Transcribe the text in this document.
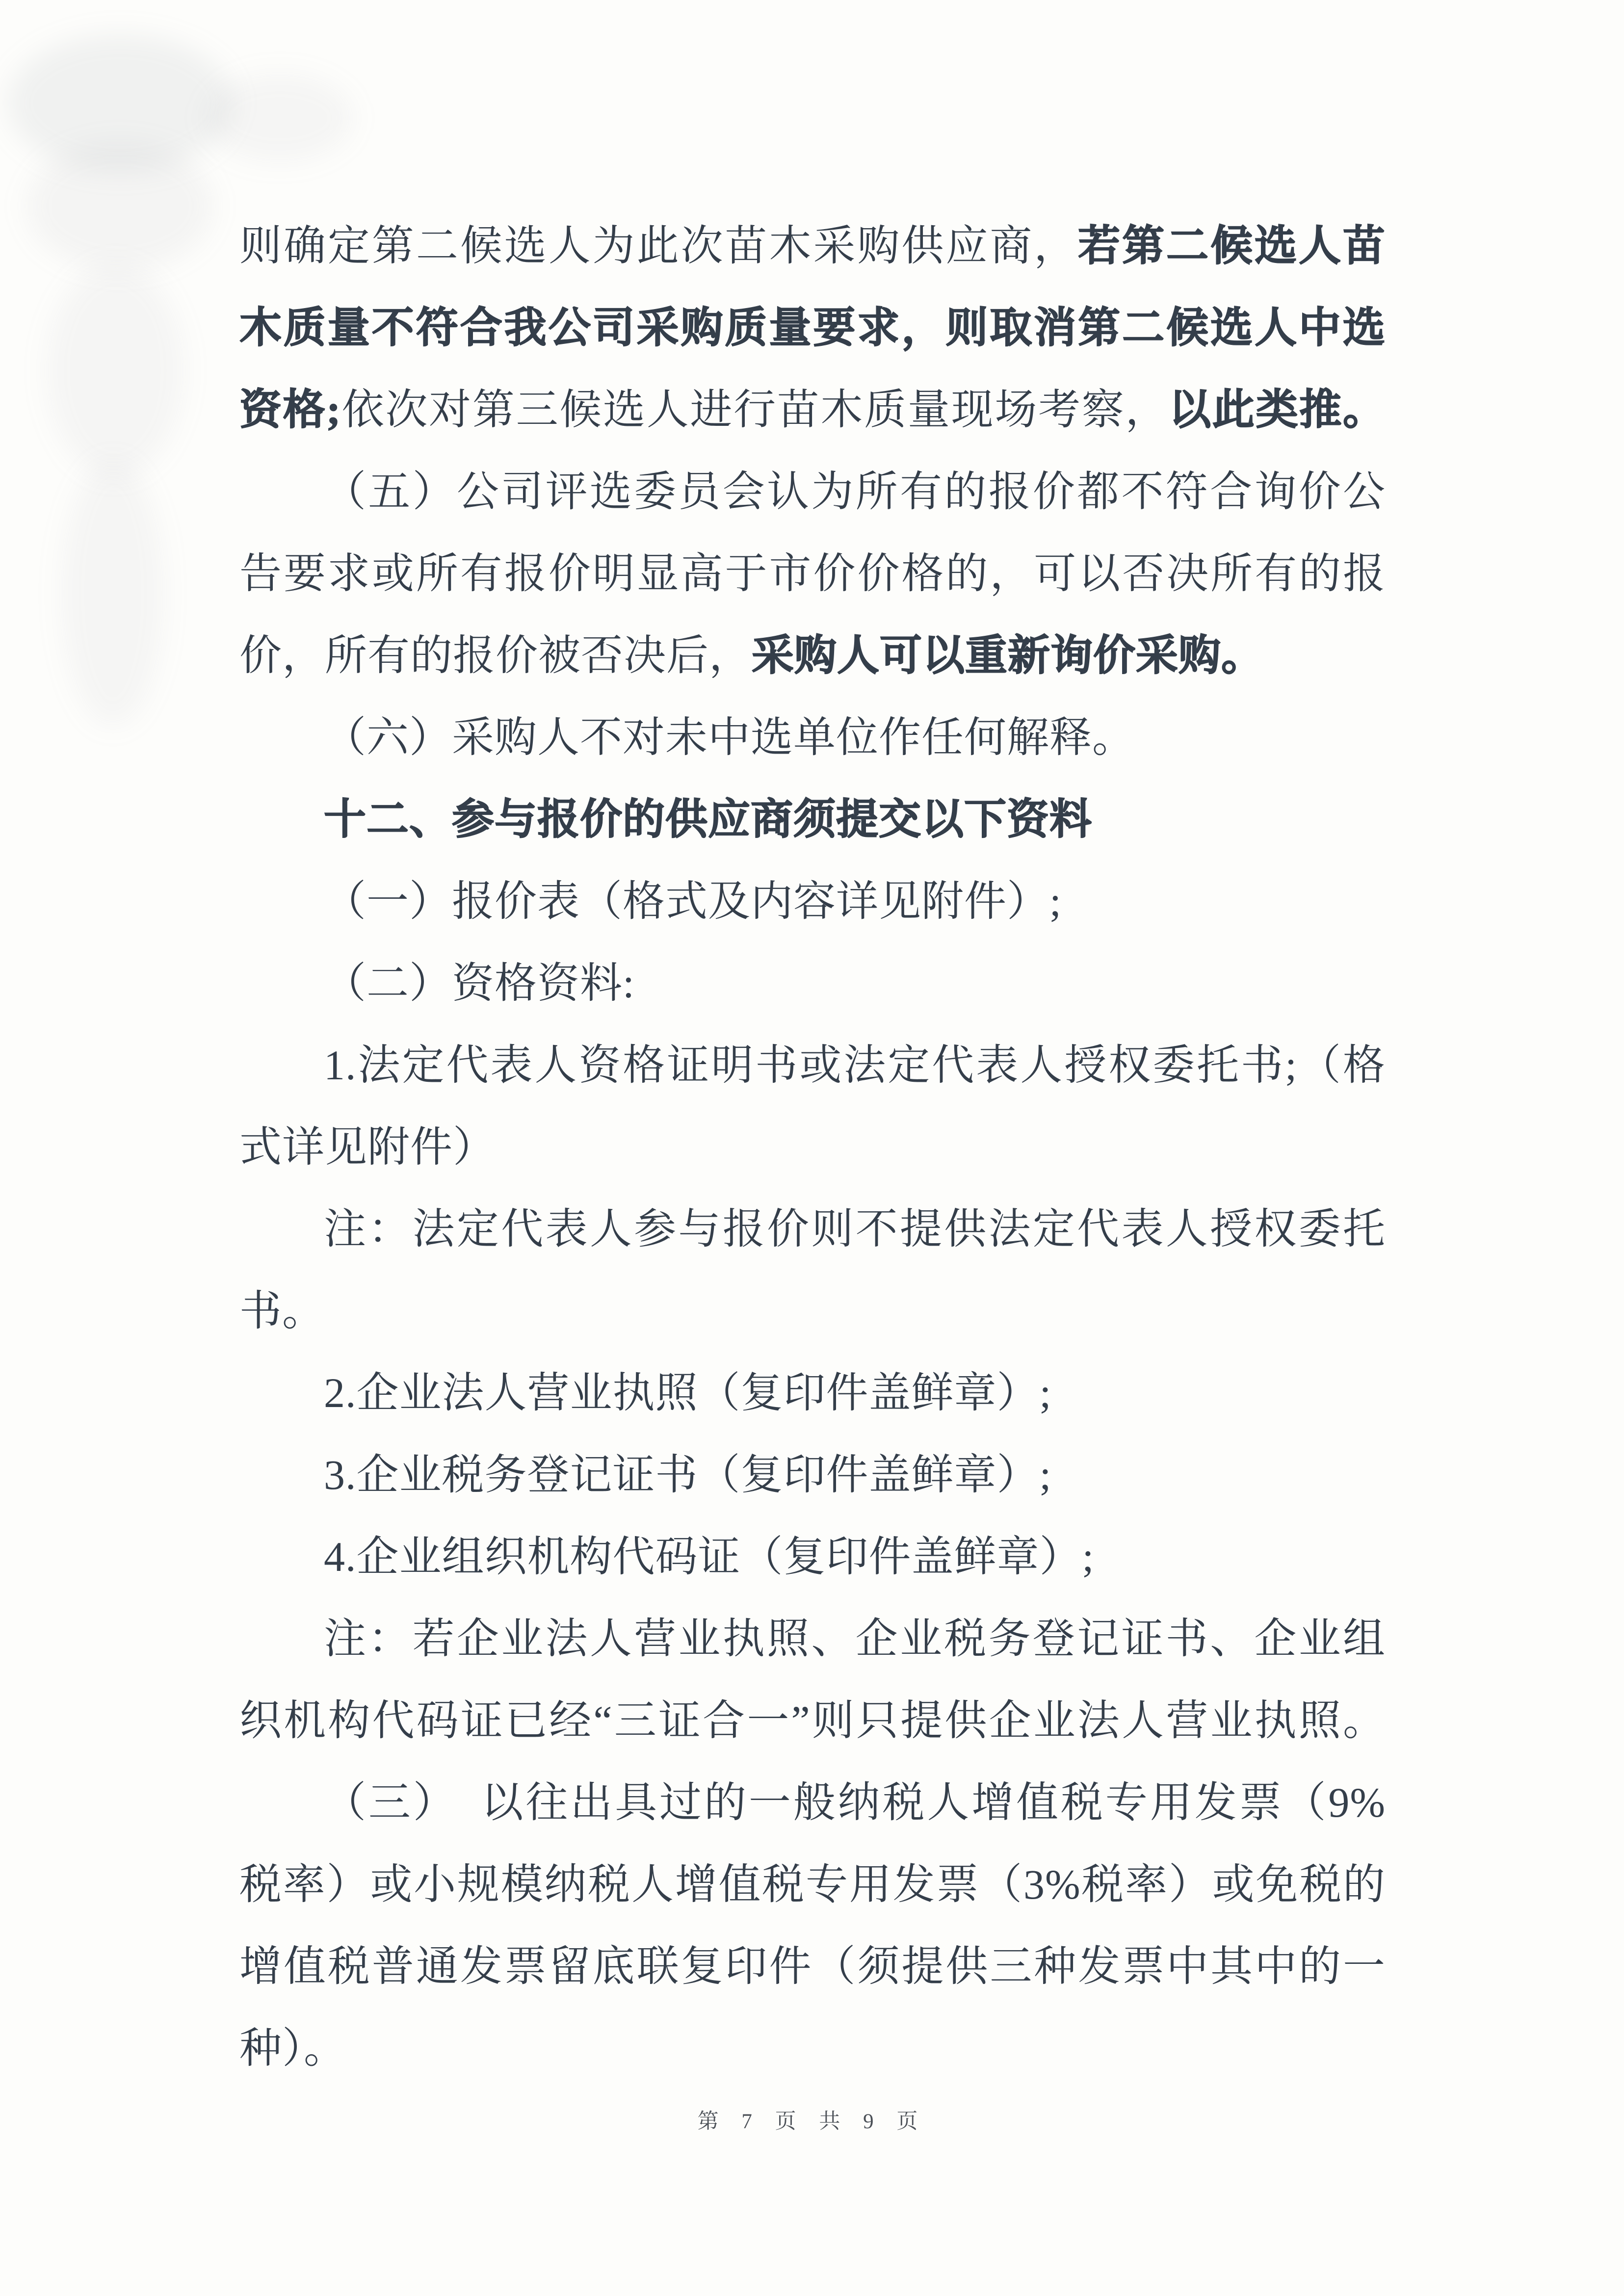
则确定第二候选人为此次苗木采购供应商，若第二候选人苗
木质量不符合我公司采购质量要求，则取消第二候选人中选
资格;依次对第三候选人进行苗木质量现场考察，以此类推。
（五）公司评选委员会认为所有的报价都不符合询价公
告要求或所有报价明显高于市价价格的，可以否决所有的报
价，所有的报价被否决后，采购人可以重新询价采购。
（六）采购人不对未中选单位作任何解释。
十二、参与报价的供应商须提交以下资料
（一）报价表（格式及内容详见附件）;
（二）资格资料:
1.法定代表人资格证明书或法定代表人授权委托书;（格
式详见附件）
注：法定代表人参与报价则不提供法定代表人授权委托
书。
2.企业法人营业执照（复印件盖鲜章）;
3.企业税务登记证书（复印件盖鲜章）;
4.企业组织机构代码证（复印件盖鲜章）;
注：若企业法人营业执照、企业税务登记证书、企业组
织机构代码证已经“三证合一”则只提供企业法人营业执照。
（三）　以往出具过的一般纳税人增值税专用发票（9%
税率）或小规模纳税人增值税专用发票（3%税率）或免税的
增值税普通发票留底联复印件（须提供三种发票中其中的一
种）。
第 7 页 共 9 页
